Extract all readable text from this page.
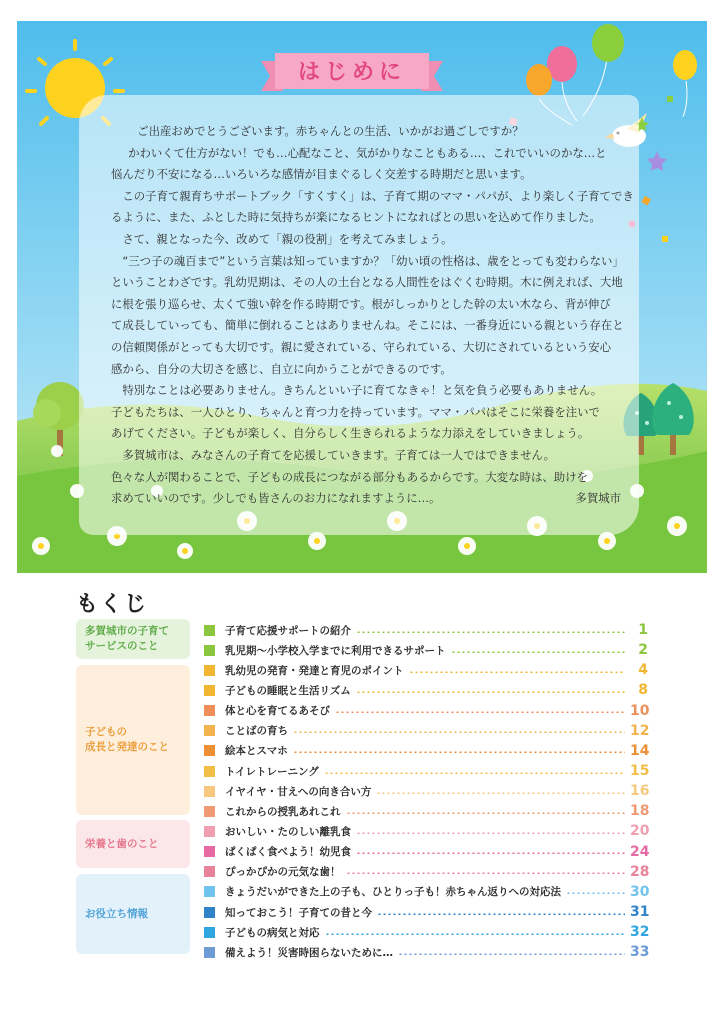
はじめに

ご出産おめでとうございます。赤ちゃんとの生活、いかがお過ごしですか？

かわいくて仕方がない！でも…心配なこと、気がかりなこともある…、これでいいのかな…と

悩んだり不安になる…いろいろな感情が目まぐるしく交差する時期だと思います。

この子育て親育ちサポートブック「すくすく」は、子育て期のママ・パパが、より楽しく子育てでき

るように、また、ふとした時に気持ちが楽になるヒントになればとの思いを込めて作りました。

さて、親となった今、改めて「親の役割」を考えてみましょう。

“三つ子の魂百まで”という言葉は知っていますか？「幼い頃の性格は、歳をとっても変わらない」

ということわざです。乳幼児期は、その人の土台となる人間性をはぐくむ時期。木に例えれば、大地

に根を張り巡らせ、太くて強い幹を作る時期です。根がしっかりとした幹の太い木なら、背が伸び

て成長していっても、簡単に倒れることはありませんね。そこには、一番身近にいる親という存在と

の信頼関係がとっても大切です。親に愛されている、守られている、大切にされているという安心

感から、自分の大切さを感じ、自立に向かうことができるのです。

特別なことは必要ありません。きちんといい子に育てなきゃ！と気を負う必要もありません。

子どもたちは、一人ひとり、ちゃんと育つ力を持っています。ママ・パパはそこに栄養を注いで

あげてください。子どもが楽しく、自分らしく生きられるような力添えをしていきましょう。

多賀城市は、みなさんの子育てを応援していきます。子育ては一人ではできません。

色々な人が関わることで、子どもの成長につながる部分もあるからです。大変な時は、助けを

求めていいのです。少しでも皆さんのお力になれますように…。	多賀城市

もくじ
多賀城市の子育て
サービスのこと
子どもの
成長と発達のこと
栄養と歯のこと
お役立ち情報
子育て応援サポートの紹介	1
乳児期～小学校入学までに利用できるサポート	2
乳幼児の発育・発達と育児のポイント	4
子どもの睡眠と生活リズム	8
体と心を育てるあそび	10
ことばの育ち	12
絵本とスマホ	14
トイレトレーニング	15
イヤイヤ・甘えへの向き合い方	16
これからの授乳あれこれ	18
おいしい・たのしい離乳食	20
ぱくぱく食べよう！幼児食	24
ぴっかぴかの元気な歯！	28
きょうだいができた上の子も、ひとりっ子も！赤ちゃん返りへの対応法	30
知っておこう！子育ての昔と今	31
子どもの病気と対応	32
備えよう！災害時困らないために…	33
